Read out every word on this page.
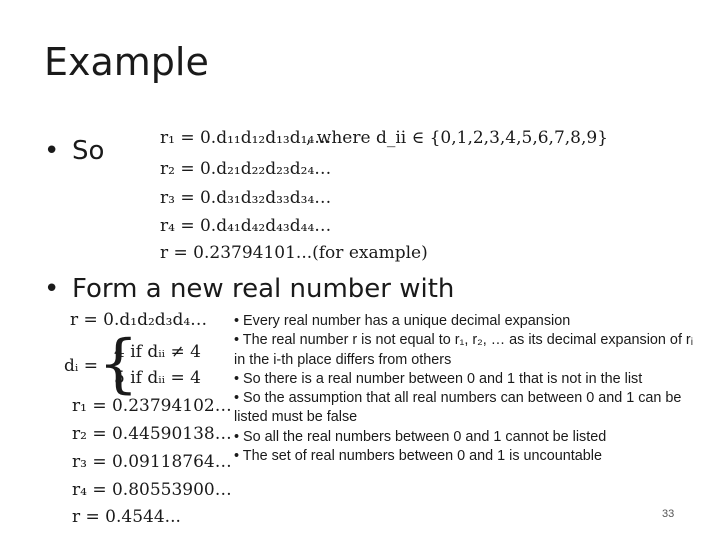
Example
• So	r₁ = 0.d₁₁d₁₂d₁₃d₁₄…
, where d_ii ∈ {0,1,2,3,4,5,6,7,8,9}
r₂ = 0.d₂₁d₂₂d₂₃d₂₄…
r₃ = 0.d₃₁d₃₂d₃₃d₃₄…
r₄ = 0.d₄₁d₄₂d₄₃d₄₄…
r = 0.23794101...(for example)
• Form a new real number with
r = 0.d₁d₂d₃d₄…
dᵢ = {
4 if dᵢᵢ ≠ 4
5 if dᵢᵢ = 4
r₁ = 0.23794102…
r₂ = 0.44590138…
r₃ = 0.09118764…
r₄ = 0.80553900…
r = 0.4544...
• Every real number has a unique decimal expansion
• The real number r is not equal to r₁, r₂, … as its decimal expansion of rᵢ in the i-th place differs from others
• So there is a real number between 0 and 1 that is not in the list
• So the assumption that all real numbers can between 0 and 1 can be listed must be false
• So all the real numbers between 0 and 1 cannot be listed
• The set of real numbers between 0 and 1 is uncountable
33
